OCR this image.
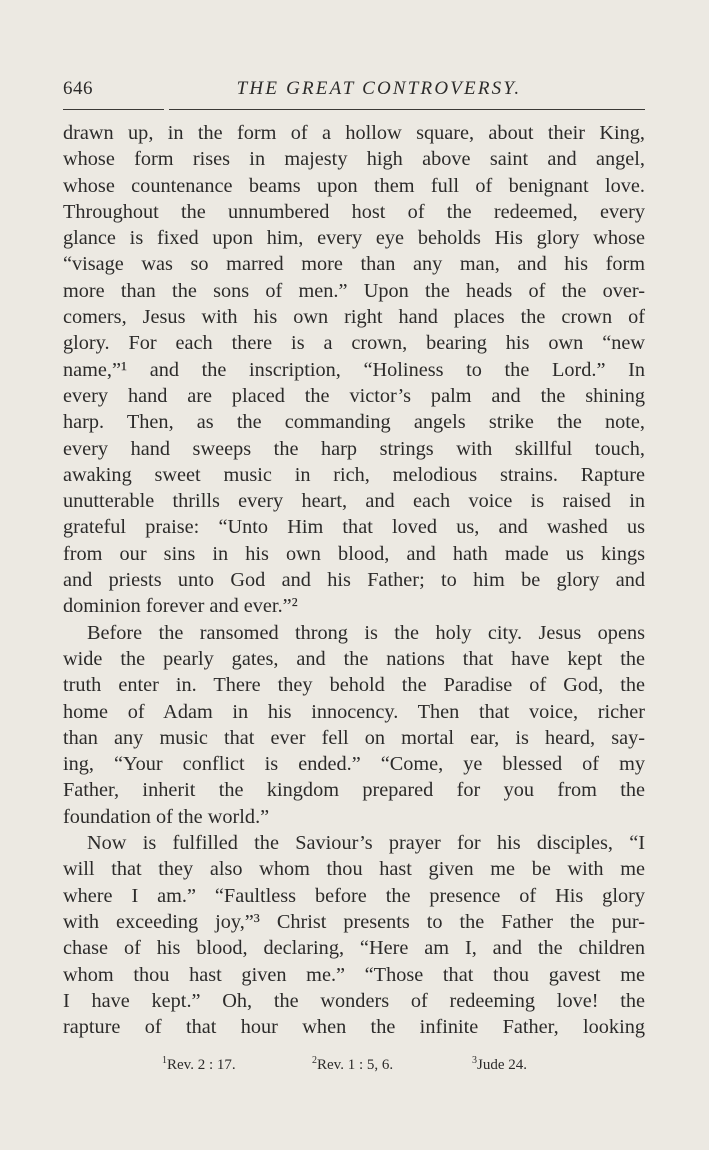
646	THE GREAT CONTROVERSY.
drawn up, in the form of a hollow square, about their King,
whose form rises in majesty high above saint and angel,
whose countenance beams upon them full of benignant love.
Throughout the unnumbered host of the redeemed, every
glance is fixed upon him, every eye beholds His glory whose
“visage was so marred more than any man, and his form
more than the sons of men.” Upon the heads of the over-
comers, Jesus with his own right hand places the crown of
glory. For each there is a crown, bearing his own “new
name,”¹ and the inscription, “Holiness to the Lord.” In
every hand are placed the victor’s palm and the shining
harp. Then, as the commanding angels strike the note,
every hand sweeps the harp strings with skillful touch,
awaking sweet music in rich, melodious strains. Rapture
unutterable thrills every heart, and each voice is raised in
grateful praise: “Unto Him that loved us, and washed us
from our sins in his own blood, and hath made us kings
and priests unto God and his Father; to him be glory and
dominion forever and ever.”²
Before the ransomed throng is the holy city. Jesus opens
wide the pearly gates, and the nations that have kept the
truth enter in. There they behold the Paradise of God, the
home of Adam in his innocency. Then that voice, richer
than any music that ever fell on mortal ear, is heard, say-
ing, “Your conflict is ended.” “Come, ye blessed of my
Father, inherit the kingdom prepared for you from the
foundation of the world.”
Now is fulfilled the Saviour’s prayer for his disciples, “I
will that they also whom thou hast given me be with me
where I am.” “Faultless before the presence of His glory
with exceeding joy,”³ Christ presents to the Father the pur-
chase of his blood, declaring, “Here am I, and the children
whom thou hast given me.” “Those that thou gavest me
I have kept.” Oh, the wonders of redeeming love! the
rapture of that hour when the infinite Father, looking
$^1$Rev. 2 : 17.	$^2$Rev. 1 : 5, 6.	$^3$Jude 24.
